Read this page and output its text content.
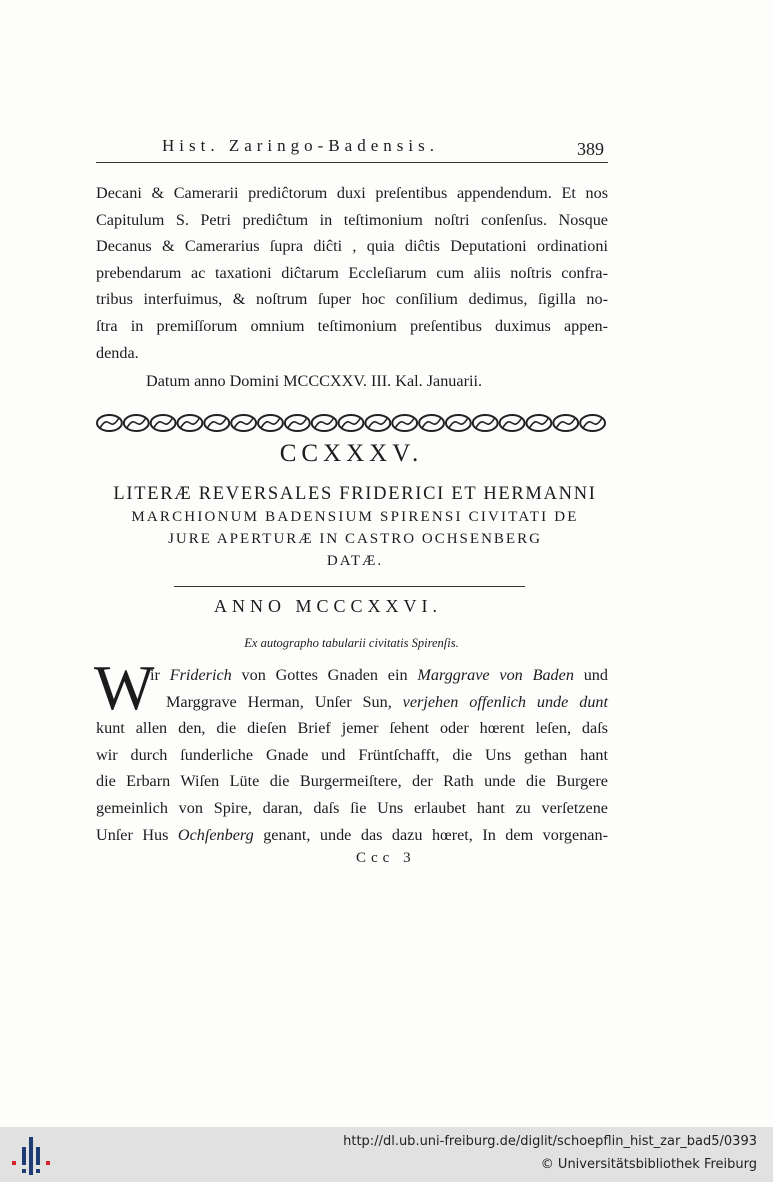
Hist. Zaringo-Badensis.	389
Decani & Camerarii prediĉtorum duxi preſentibus appendendum. Et nos
Capitulum S. Petri prediĉtum in teſtimonium noſtri conſenſus. Nosque
Decanus & Camerarius ſupra diĉti , quia diĉtis Deputationi ordinationi
prebendarum ac taxationi diĉtarum Eccleſiarum cum aliis noſtris confra-
tribus interfuimus, & noſtrum ſuper hoc conſilium dedimus, ſigilla no-
ſtra in premiſſorum omnium teſtimonium preſentibus duximus appen-
denda.
Datum anno Domini MCCCXXV. III. Kal. Januarii.
CCXXXV.
LITERÆ REVERSALES FRIDERICI ET HERMANNI
MARCHIONUM BADENSIUM SPIRENSI CIVITATI DE
JURE APERTURÆ IN CASTRO OCHSENBERG
DATÆ.
ANNO MCCCXXVI.
Ex autographo tabularii civitatis Spirenſis.
W
ir Friderich von Gottes Gnaden ein Marggrave von Baden und
Marggrave Herman, Unſer Sun, verjehen offenlich unde dunt
kunt allen den, die dieſen Brief jemer ſehent oder hœrent leſen, daſs
wir durch ſunderliche Gnade und Früntſchafft, die Uns gethan hant
die Erbarn Wiſen Lüte die Burgermeiſtere, der Rath unde die Burgere
gemeinlich von Spire, daran, daſs ſie Uns erlaubet hant zu verſetzene
Unſer Hus Ochſenberg genant, unde das dazu hœret, In dem vorgenan-
Ccc 3
http://dl.ub.uni-freiburg.de/diglit/schoepflin_hist_zar_bad5/0393
© Universitätsbibliothek Freiburg
